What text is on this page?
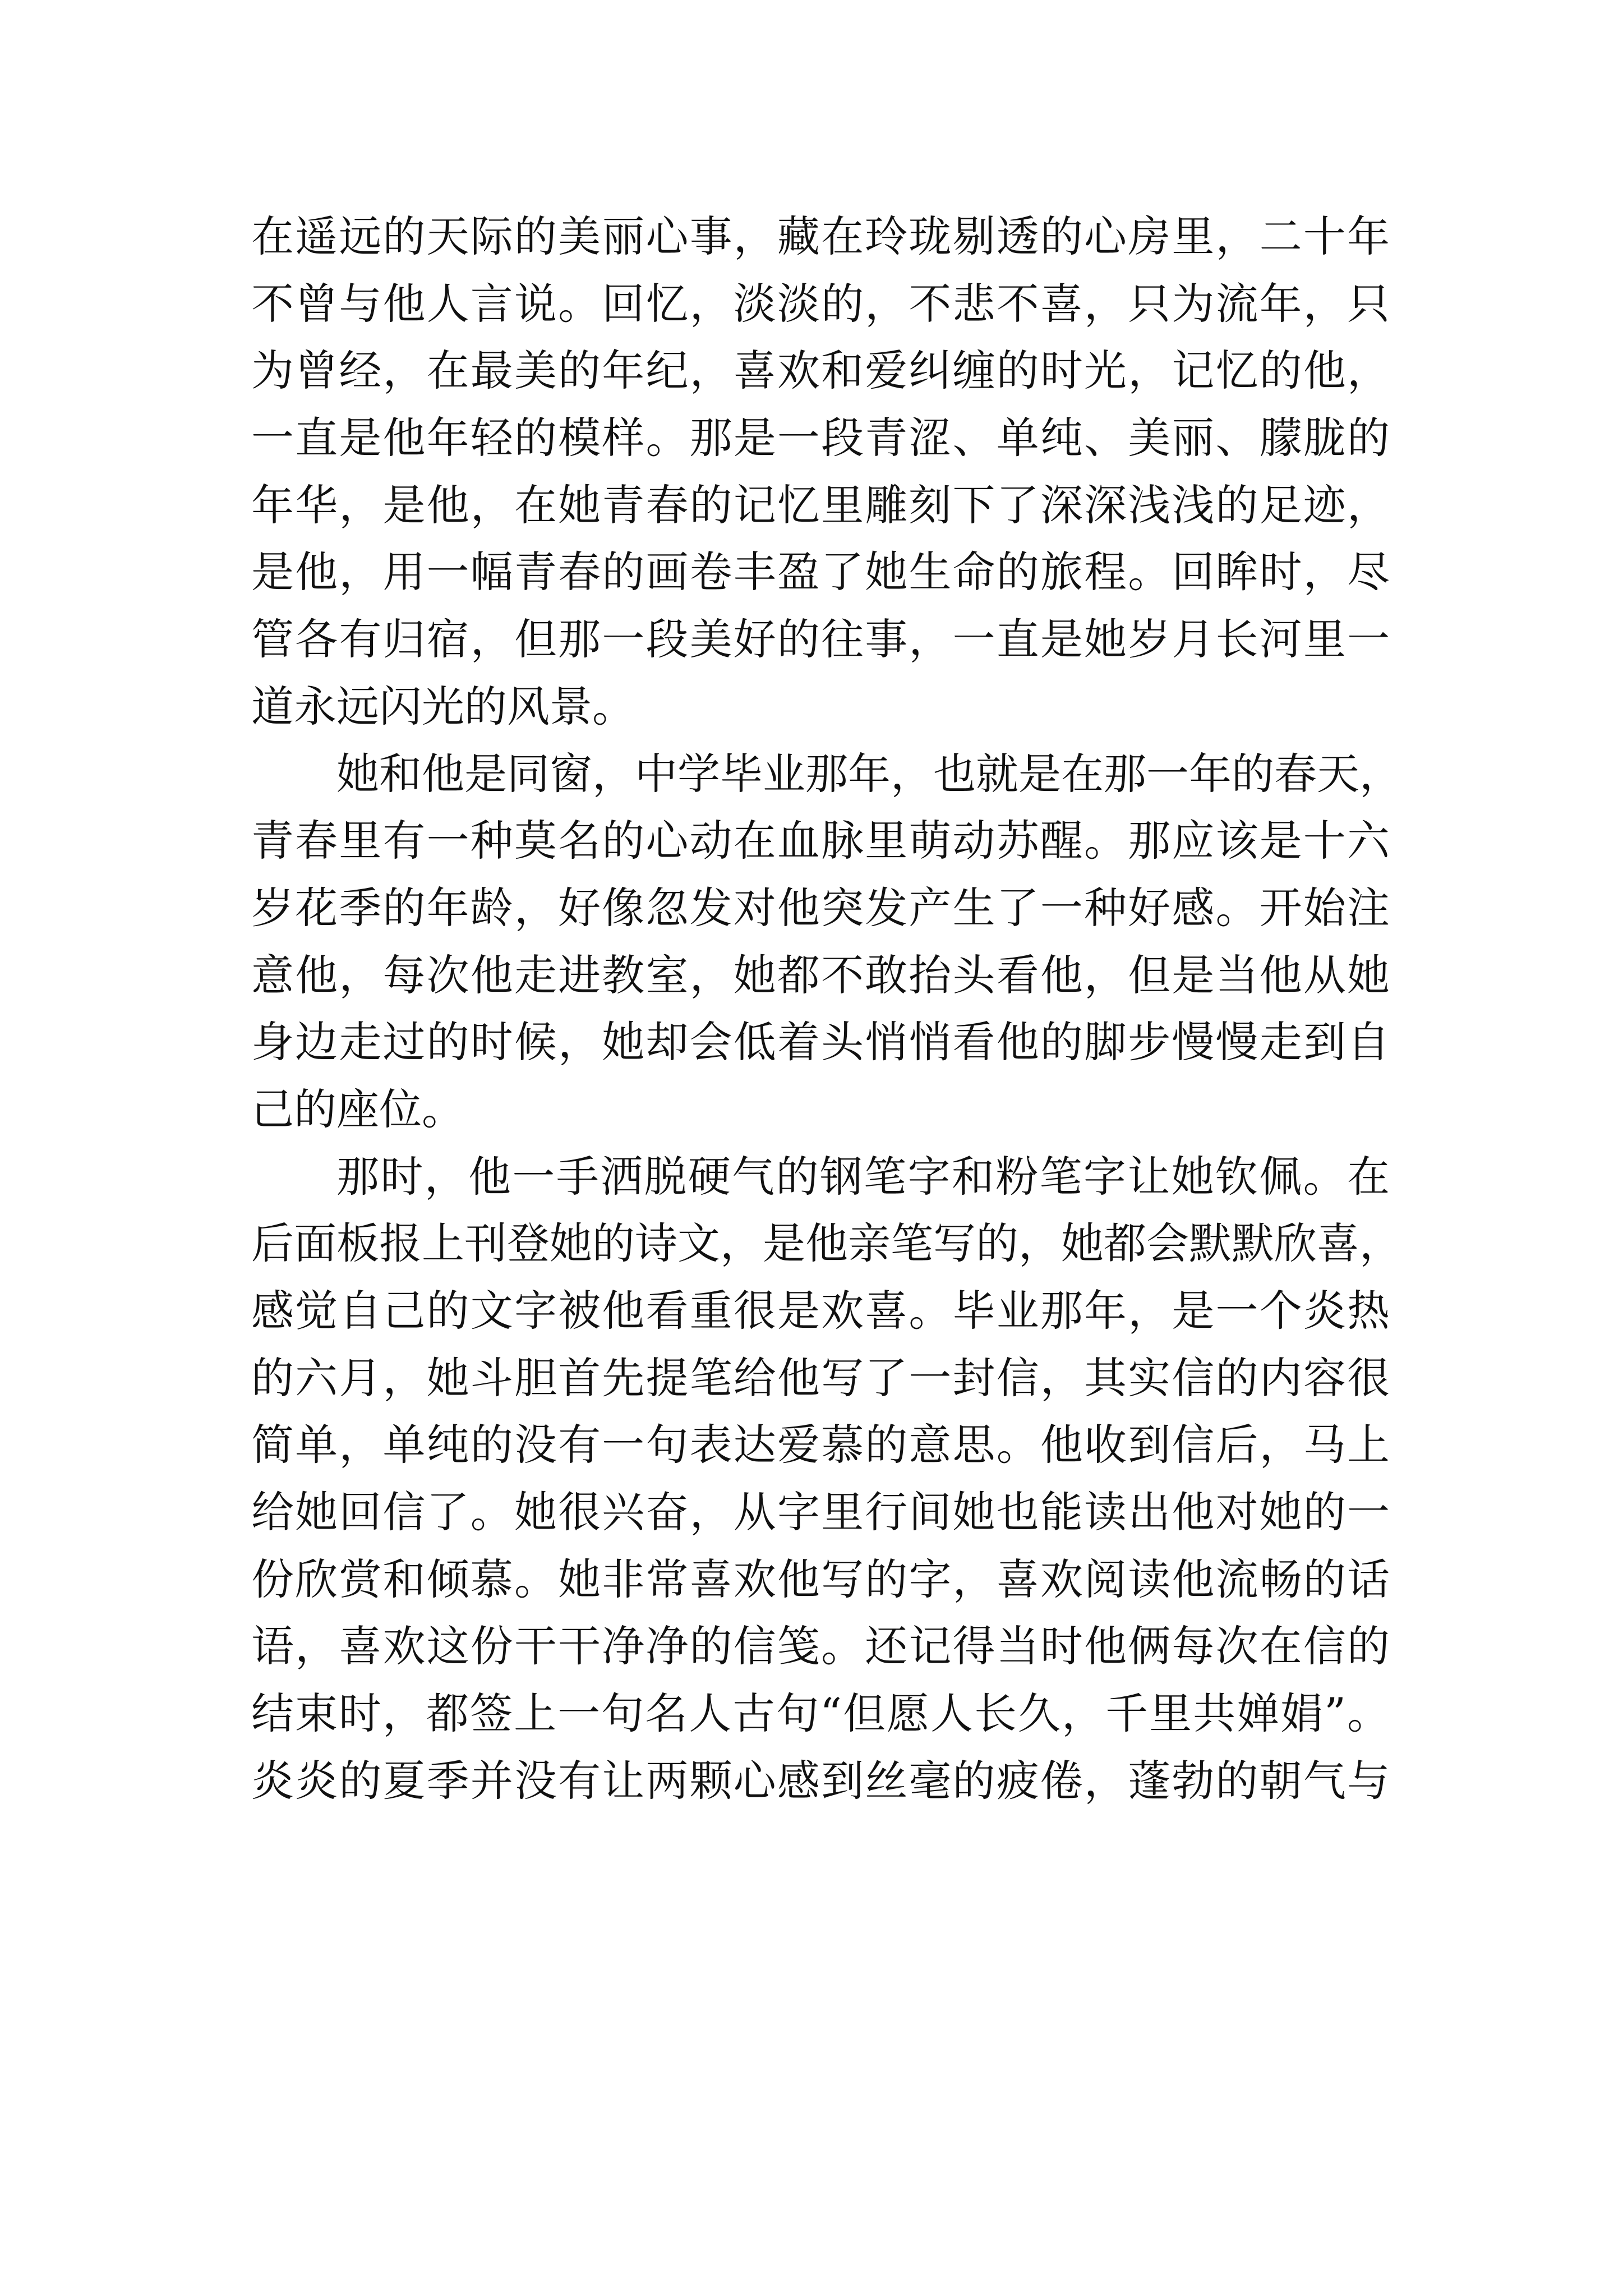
在遥远的天际的美丽心事，藏在玲珑剔透的心房里，二十年
不曾与他人言说。回忆，淡淡的，不悲不喜，只为流年，只
为曾经，在最美的年纪，喜欢和爱纠缠的时光，记忆的他，
一直是他年轻的模样。那是一段青涩、单纯、美丽、朦胧的
年华，是他，在她青春的记忆里雕刻下了深深浅浅的足迹，
是他，用一幅青春的画卷丰盈了她生命的旅程。回眸时，尽
管各有归宿，但那一段美好的往事，一直是她岁月长河里一
道永远闪光的风景。
她和他是同窗，中学毕业那年，也就是在那一年的春天，
青春里有一种莫名的心动在血脉里萌动苏醒。那应该是十六
岁花季的年龄，好像忽发对他突发产生了一种好感。开始注
意他，每次他走进教室，她都不敢抬头看他，但是当他从她
身边走过的时候，她却会低着头悄悄看他的脚步慢慢走到自
己的座位。
那时，他一手洒脱硬气的钢笔字和粉笔字让她钦佩。在
后面板报上刊登她的诗文，是他亲笔写的，她都会默默欣喜，
感觉自己的文字被他看重很是欢喜。毕业那年，是一个炎热
的六月，她斗胆首先提笔给他写了一封信，其实信的内容很
简单，单纯的没有一句表达爱慕的意思。他收到信后，马上
给她回信了。她很兴奋，从字里行间她也能读出他对她的一
份欣赏和倾慕。她非常喜欢他写的字，喜欢阅读他流畅的话
语，喜欢这份干干净净的信笺。还记得当时他俩每次在信的
结束时，都签上一句名人古句“但愿人长久，千里共婵娟”。
炎炎的夏季并没有让两颗心感到丝毫的疲倦，蓬勃的朝气与
